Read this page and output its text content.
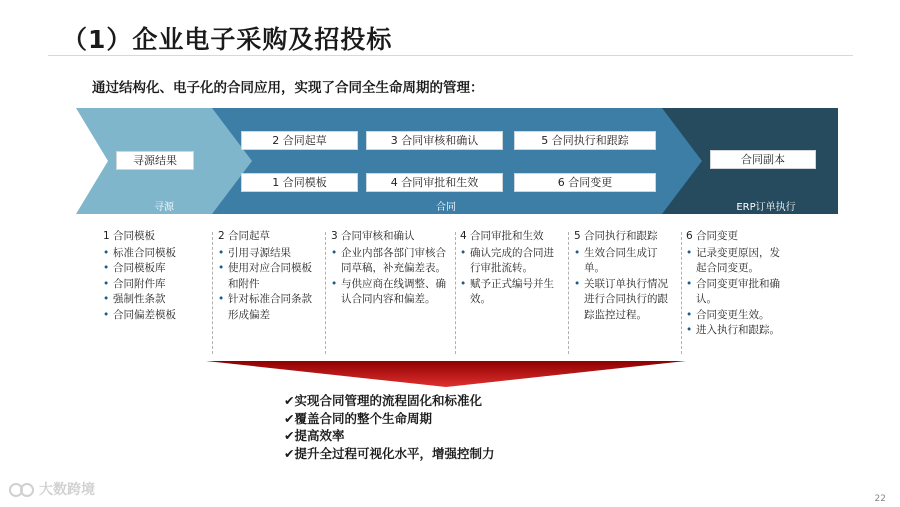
（1）企业电子采购及招投标
通过结构化、电子化的合同应用，实现了合同全生命周期的管理：
寻源结果
2 合同起草	3 合同审核和确认	5 合同执行和跟踪
1 合同模板	4 合同审批和生效	6 合同变更
合同副本
寻源	合同	ERP订单执行
1 合同模板
• 标准合同模板
• 合同模板库
• 合同附件库
• 强制性条款
• 合同偏差模板
2 合同起草
• 引用寻源结果
• 使用对应合同模板和附件
• 针对标准合同条款形成偏差
3 合同审核和确认
• 企业内部各部门审核合同草稿，补充偏差表。
• 与供应商在线调整、确认合同内容和偏差。
4 合同审批和生效
• 确认完成的合同进行审批流转。
• 赋予正式编号并生效。
5 合同执行和跟踪
• 生效合同生成订单。
• 关联订单执行情况进行合同执行的跟踪监控过程。
6 合同变更
• 记录变更原因，发起合同变更。
• 合同变更审批和确认。
• 合同变更生效。
• 进入执行和跟踪。
✔实现合同管理的流程固化和标准化
✔覆盖合同的整个生命周期
✔提高效率
✔提升全过程可视化水平，增强控制力
大数跨境
22
